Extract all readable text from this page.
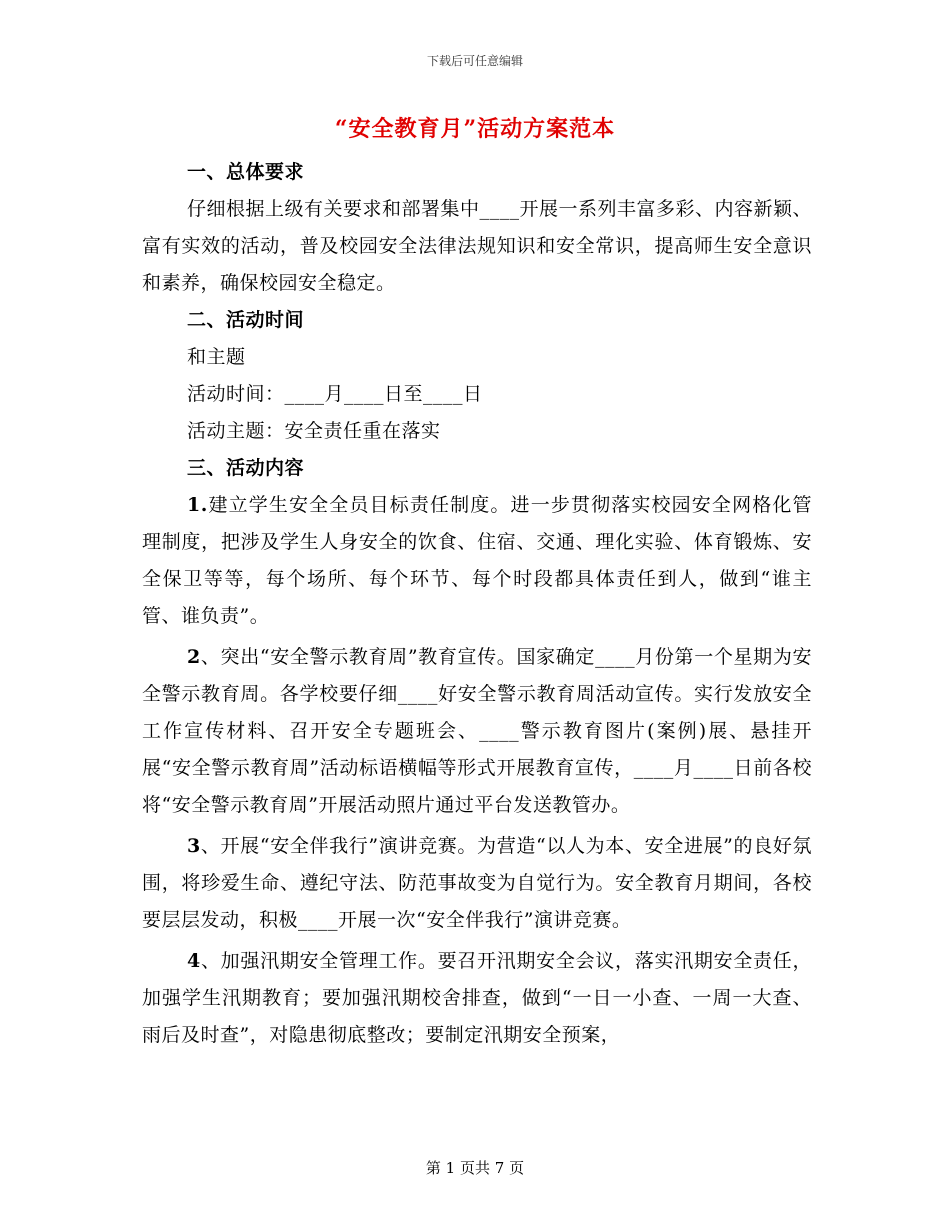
下载后可任意编辑
“安全教育月”活动方案范本

一、总体要求

仔细根据上级有关要求和部署集中____开展一系列丰富多彩、内容新颖、富有实效的活动，普及校园安全法律法规知识和安全常识，提高师生安全意识和素养，确保校园安全稳定。

二、活动时间

和主题

活动时间：____月____日至____日

活动主题：安全责任重在落实

三、活动内容

1.建立学生安全全员目标责任制度。进一步贯彻落实校园安全网格化管理制度，把涉及学生人身安全的饮食、住宿、交通、理化实验、体育锻炼、安全保卫等等，每个场所、每个环节、每个时段都具体责任到人，做到“谁主管、谁负责”。

2、突出“安全警示教育周”教育宣传。国家确定____月份第一个星期为安全警示教育周。各学校要仔细____好安全警示教育周活动宣传。实行发放安全工作宣传材料、召开安全专题班会、____警示教育图片(案例)展、悬挂开展“安全警示教育周”活动标语横幅等形式开展教育宣传，____月____日前各校将“安全警示教育周”开展活动照片通过平台发送教管办。

3、开展“安全伴我行”演讲竞赛。为营造“以人为本、安全进展”的良好氛围，将珍爱生命、遵纪守法、防范事故变为自觉行为。安全教育月期间，各校要层层发动，积极____开展一次“安全伴我行”演讲竞赛。

4、加强汛期安全管理工作。要召开汛期安全会议，落实汛期安全责任，加强学生汛期教育；要加强汛期校舍排查，做到“一日一小查、一周一大查、雨后及时查”，对隐患彻底整改；要制定汛期安全预案，

第 1 页共 7 页
